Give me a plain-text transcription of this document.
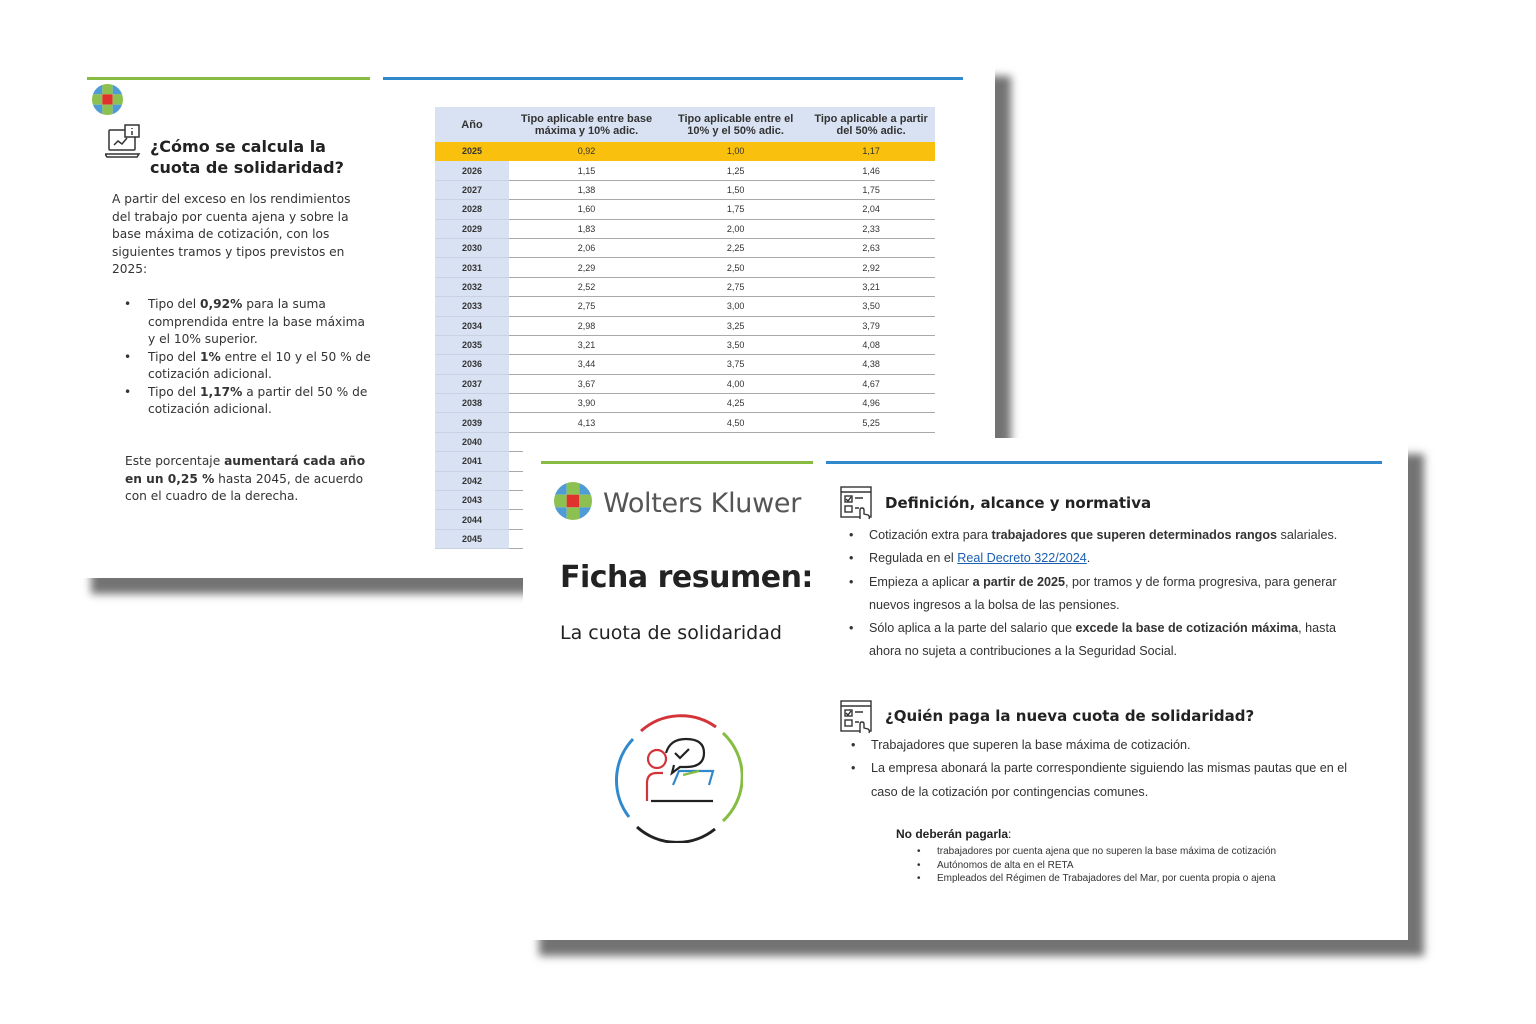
¿Cómo se calcula la cuota de solidaridad?
A partir del exceso en los rendimientos del trabajo por cuenta ajena y sobre la base máxima de cotización, con los siguientes tramos y tipos previstos en 2025:
• Tipo del 0,92% para la suma comprendida entre la base máxima y el 10% superior.
• Tipo del 1% entre el 10 y el 50 % de cotización adicional.
• Tipo del 1,17% a partir del 50 % de cotización adicional.
Este porcentaje aumentará cada año en un 0,25 % hasta 2045, de acuerdo con el cuadro de la derecha.
Año	Tipo aplicable entre base máxima y 10% adic.	Tipo aplicable entre el 10% y el 50% adic.	Tipo aplicable a partir del 50% adic.
2025	0,92	1,00	1,17
2026	1,15	1,25	1,46
2027	1,38	1,50	1,75
2028	1,60	1,75	2,04
2029	1,83	2,00	2,33
2030	2,06	2,25	2,63
2031	2,29	2,50	2,92
2032	2,52	2,75	3,21
2033	2,75	3,00	3,50
2034	2,98	3,25	3,79
2035	3,21	3,50	4,08
2036	3,44	3,75	4,38
2037	3,67	4,00	4,67
2038	3,90	4,25	4,96
2039	4,13	4,50	5,25
2040			
2041			
2042			
2043			
2044			
2045			
Wolters Kluwer
Ficha resumen:
La cuota de solidaridad
Definición, alcance y normativa
• Cotización extra para trabajadores que superen determinados rangos salariales.
• Regulada en el Real Decreto 322/2024.
• Empieza a aplicar a partir de 2025, por tramos y de forma progresiva, para generar nuevos ingresos a la bolsa de las pensiones.
• Sólo aplica a la parte del salario que excede la base de cotización máxima, hasta ahora no sujeta a contribuciones a la Seguridad Social.
¿Quién paga la nueva cuota de solidaridad?
• Trabajadores que superen la base máxima de cotización.
• La empresa abonará la parte correspondiente siguiendo las mismas pautas que en el caso de la cotización por contingencias comunes.
No deberán pagarla:
• trabajadores por cuenta ajena que no superen la base máxima de cotización
• Autónomos de alta en el RETA
• Empleados del Régimen de Trabajadores del Mar, por cuenta propia o ajena
